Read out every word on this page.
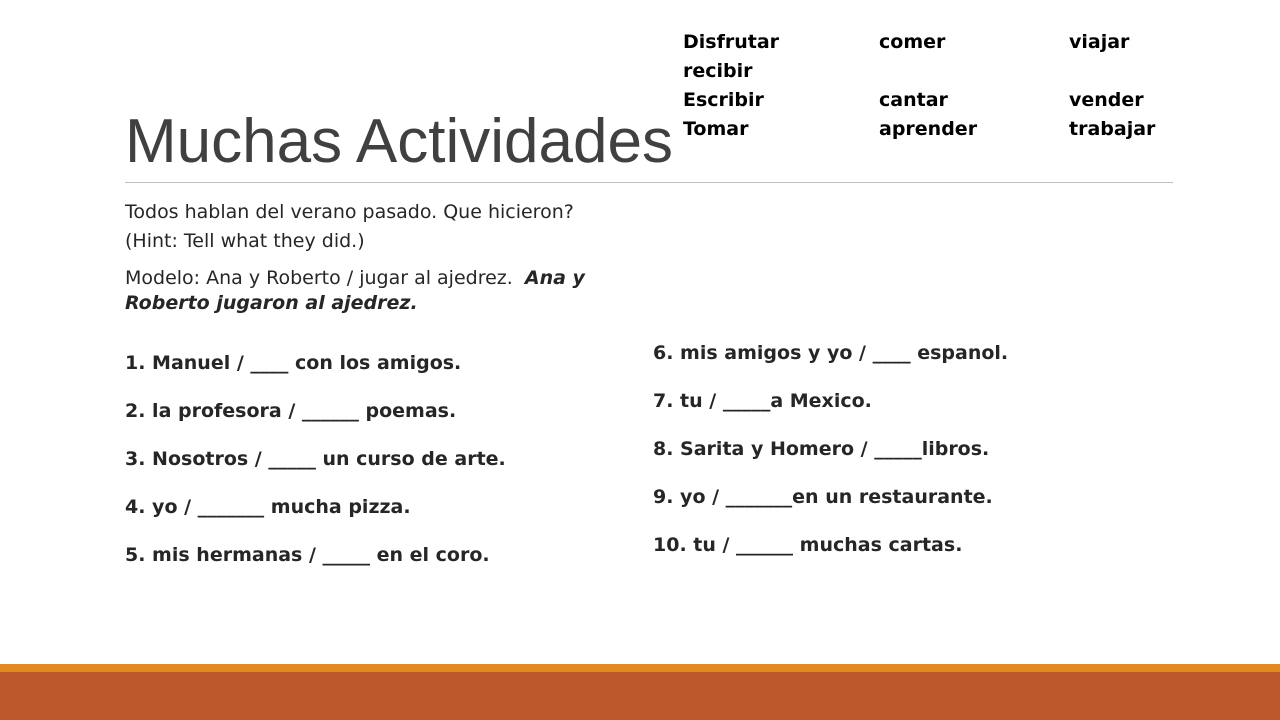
Disfrutar	comer	viajar
recibir
Escribir	cantar	vender
Tomar	aprender	trabajar
Muchas Actividades

Todos hablan del verano pasado. Que hicieron?
(Hint: Tell what they did.)

Modelo: Ana y Roberto / jugar al ajedrez.  Ana y Roberto jugaron al ajedrez.

1. Manuel / ____ con los amigos.

2. la profesora / ______ poemas.

3. Nosotros / _____ un curso de arte.

4. yo / _______ mucha pizza.

5. mis hermanas / _____ en el coro.

6. mis amigos y yo / ____ espanol.

7. tu / _____a Mexico.

8. Sarita y Homero / _____libros.

9. yo / _______en un restaurante.

10. tu / ______ muchas cartas.
